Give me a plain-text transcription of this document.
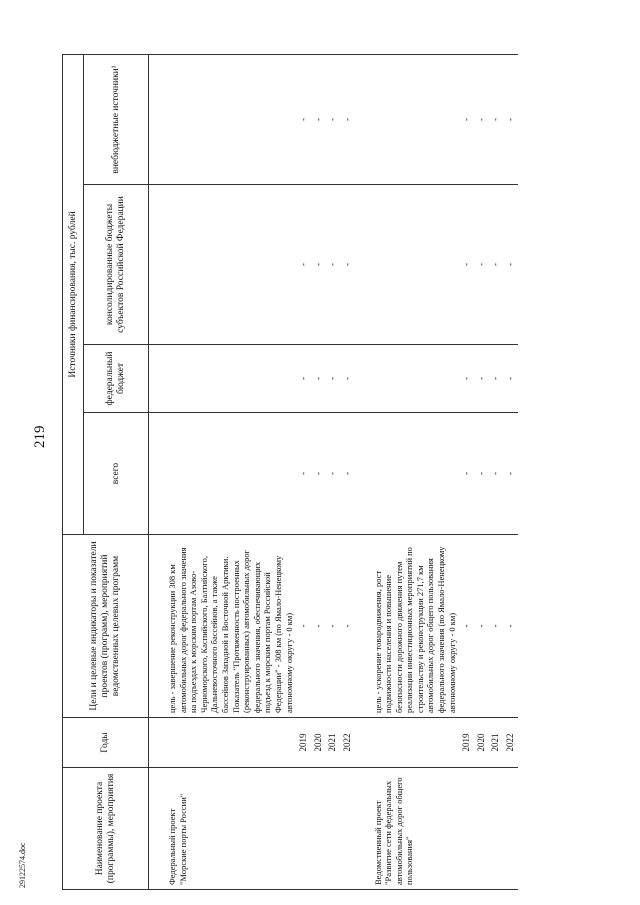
219
29122574.doc	Наименование проекта (программы), мероприятия	Годы	Цели и целевые индикаторы и показатели проектов (программ), мероприятий ведомственных целевых программ	Источники финансирования, тыс. рублей			
			всего	федеральный бюджет	консолидированные бюджеты субъектов Российской Федерации	внебюджетные источники¹

Федеральный проект "Морские порты России"		цель - завершение реконструкции 308 км автомобильных дорог федерального значения на подъездах к морским портам Азово-Черноморского, Каспийского, Балтийского, Дальневосточного бассейнов, а также бассейнов Западной и Восточной Арктики. Показатель "Протяженность построенных (реконструированных) автомобильных дорог федерального значения, обеспечивающих подъезд к морским портам Российской Федерации" - 308 км (по Ямало-Ненецкому автономному округу - 0 км)				
	2019	-	-	-	-	-
	2020	-	-	-	-	-
	2021	-	-	-	-	-
	2022	-	-	-	-	-

Ведомственный проект "Развитие сети федеральных автомобильных дорог общего пользования"		цель - ускорение товародвижения, рост подвижности населения и повышение безопасности дорожного движения путем реализации инвестиционных мероприятий по строительству и реконструкции 271,7 км автомобильных дорог общего пользования федерального значения (по Ямало-Ненецкому автономному округу - 0 км)				
	2019	-	-	-	-	-
	2020	-	-	-	-	-
	2021	-	-	-	-	-
	2022	-	-	-	-	-
